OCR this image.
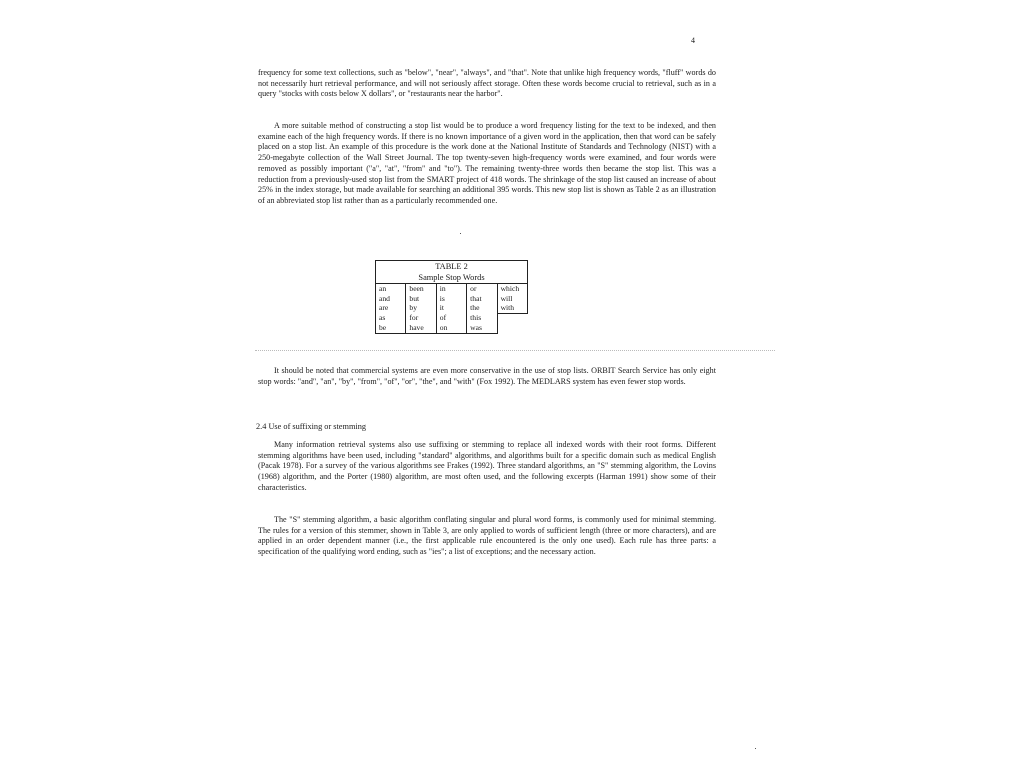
4

frequency for some text collections, such as "below", "near", "always", and "that". Note that unlike high frequency words, "fluff" words do not necessarily hurt retrieval performance, and will not seriously affect storage. Often these words become crucial to retrieval, such as in a query "stocks with costs below X dollars", or "restaurants near the harbor".

A more suitable method of constructing a stop list would be to produce a word frequency listing for the text to be indexed, and then examine each of the high frequency words. If there is no known importance of a given word in the application, then that word can be safely placed on a stop list. An example of this procedure is the work done at the National Institute of Standards and Technology (NIST) with a 250-megabyte collection of the Wall Street Journal. The top twenty-seven high-frequency words were examined, and four words were removed as possibly important ("a", "at", "from" and "to"). The remaining twenty-three words then became the stop list. This was a reduction from a previously-used stop list from the SMART project of 418 words. The shrinkage of the stop list caused an increase of about 25% in the index storage, but made available for searching an additional 395 words. This new stop list is shown as Table 2 as an illustration of an abbreviated stop list rather than as a particularly recommended one.

TABLE 2
Sample Stop Words
an	been	in	or	which
and	but	is	that	will
are	by	it	the	with
as	for	of	this	
be	have	on	was	

It should be noted that commercial systems are even more conservative in the use of stop lists. ORBIT Search Service has only eight stop words: "and", "an", "by", "from", "of", "or", "the", and "with" (Fox 1992). The MEDLARS system has even fewer stop words.

2.4 Use of suffixing or stemming

Many information retrieval systems also use suffixing or stemming to replace all indexed words with their root forms. Different stemming algorithms have been used, including "standard" algorithms, and algorithms built for a specific domain such as medical English (Pacak 1978). For a survey of the various algorithms see Frakes (1992). Three standard algorithms, an "S" stemming algorithm, the Lovins (1968) algorithm, and the Porter (1980) algorithm, are most often used, and the following excerpts (Harman 1991) show some of their characteristics.

The "S" stemming algorithm, a basic algorithm conflating singular and plural word forms, is commonly used for minimal stemming. The rules for a version of this stemmer, shown in Table 3, are only applied to words of sufficient length (three or more characters), and are applied in an order dependent manner (i.e., the first applicable rule encountered is the only one used). Each rule has three parts: a specification of the qualifying word ending, such as "ies"; a list of exceptions; and the necessary action.
